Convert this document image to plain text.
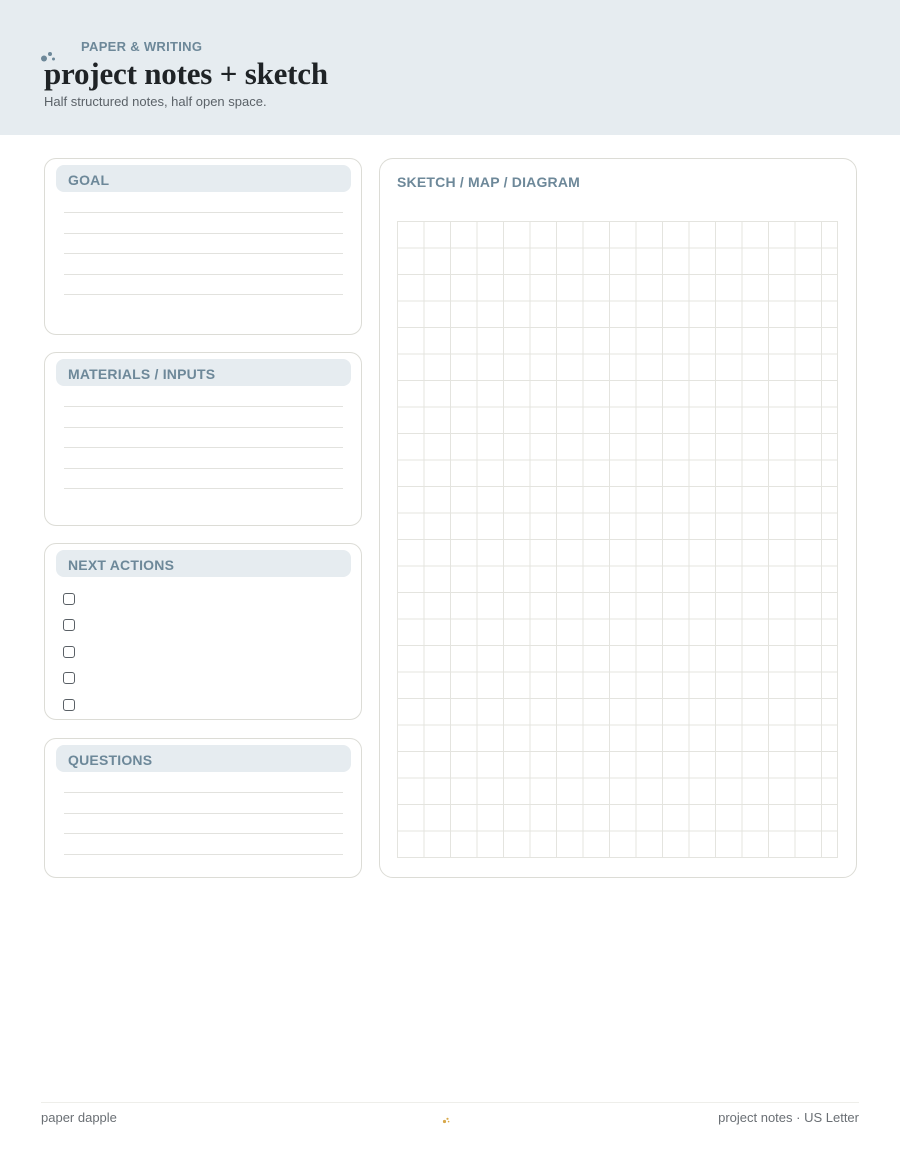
PAPER & WRITING
project notes + sketch
Half structured notes, half open space.
GOAL
MATERIALS / INPUTS
NEXT ACTIONS
QUESTIONS
SKETCH / MAP / DIAGRAM
paper dapple	project notes · US Letter
